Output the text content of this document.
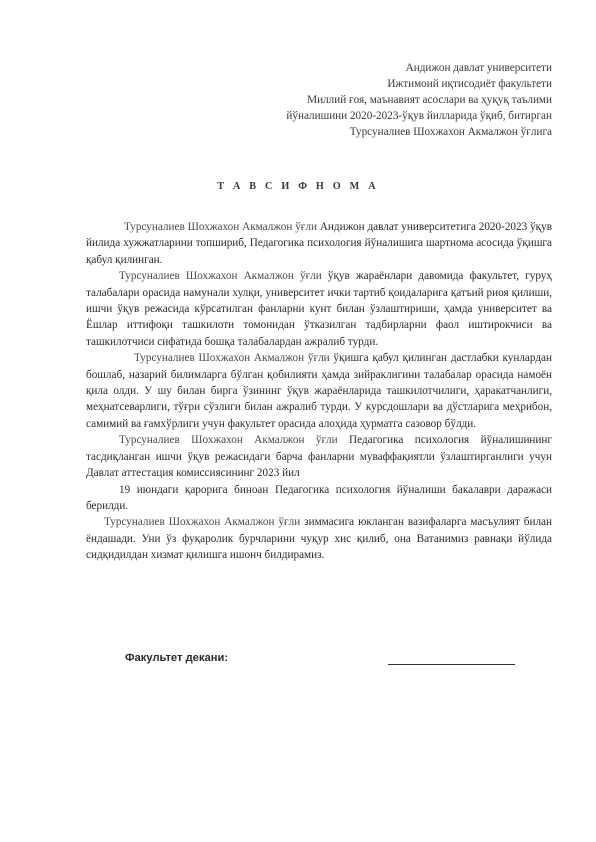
Андижон давлат университети
Ижтимоий иқтисодиёт факультети
Миллий ғоя, маънавият асослари ва ҳуқуқ таълими
йўналишини 2020-2023-ўқув йилларида ўқиб, битирган
Турсуналиев Шохжахон Акмалжон ўғлига
Т А В С И Ф Н О М А

Турсуналиев Шохжахон Акмалжон ўғли Андижон давлат университетига 2020-2023 ўқув йилида хужжатларини топшириб, Педагогика психология йўналишига шартнома асосида ўқишга қабул қилинган.

Турсуналиев Шохжахон Акмалжон ўғли ўқув жараёнлари давомида факультет, гуруҳ талабалари орасида намунали хулқи, университет ички тартиб қоидаларига қатъий риоя қилиши, ишчи ўқув режасида кўрсатилган фанларни кунт билан ўзлаштириши, ҳамда университет ва Ёшлар иттифоқи ташкилоти томонидан ўтказилган тадбирларни фаол иштирокчиси ва ташкилотчиси сифатида бошқа талабалардан ажралиб турди.

Турсуналиев Шохжахон Акмалжон ўғли ўқишга қабул қилинган дастлабки кунлардан бошлаб, назарий билимларга бўлган қобилияти ҳамда зийраклигини талабалар орасида намоён қила олди. У шу билан бирга ўзининг ўқув жараёнларида ташкилотчилиги, ҳаракатчанлиги, меҳнатсеварлиги, тўғри сўзлиги билан ажралиб турди. У курсдошлари ва дўстларига меҳрибон, самимий ва ғамхўрлиги учун факультет орасида алоҳида ҳурматга сазовор бўлди.

Турсуналиев Шохжахон Акмалжон ўғли Педагогика психология йўналишининг тасдиқланган ишчи ўқув режасидаги барча фанларни муваффақиятли ўзлаштирганлиги учун Давлат аттестация комиссиясининг 2023 йил
19 июндаги қарорига биноан Педагогика психология йўналиши бакалаври даражаси берилди.

Турсуналиев Шохжахон Акмалжон ўғли зиммасига юкланган вазифаларга масъулият билан ёндашади. Уни ўз фуқаролик бурчларини чуқур хис қилиб, она Ватанимиз равнақи йўлида сидқидилдан хизмат қилишга ишонч билдирамиз.

Факультет декани:
